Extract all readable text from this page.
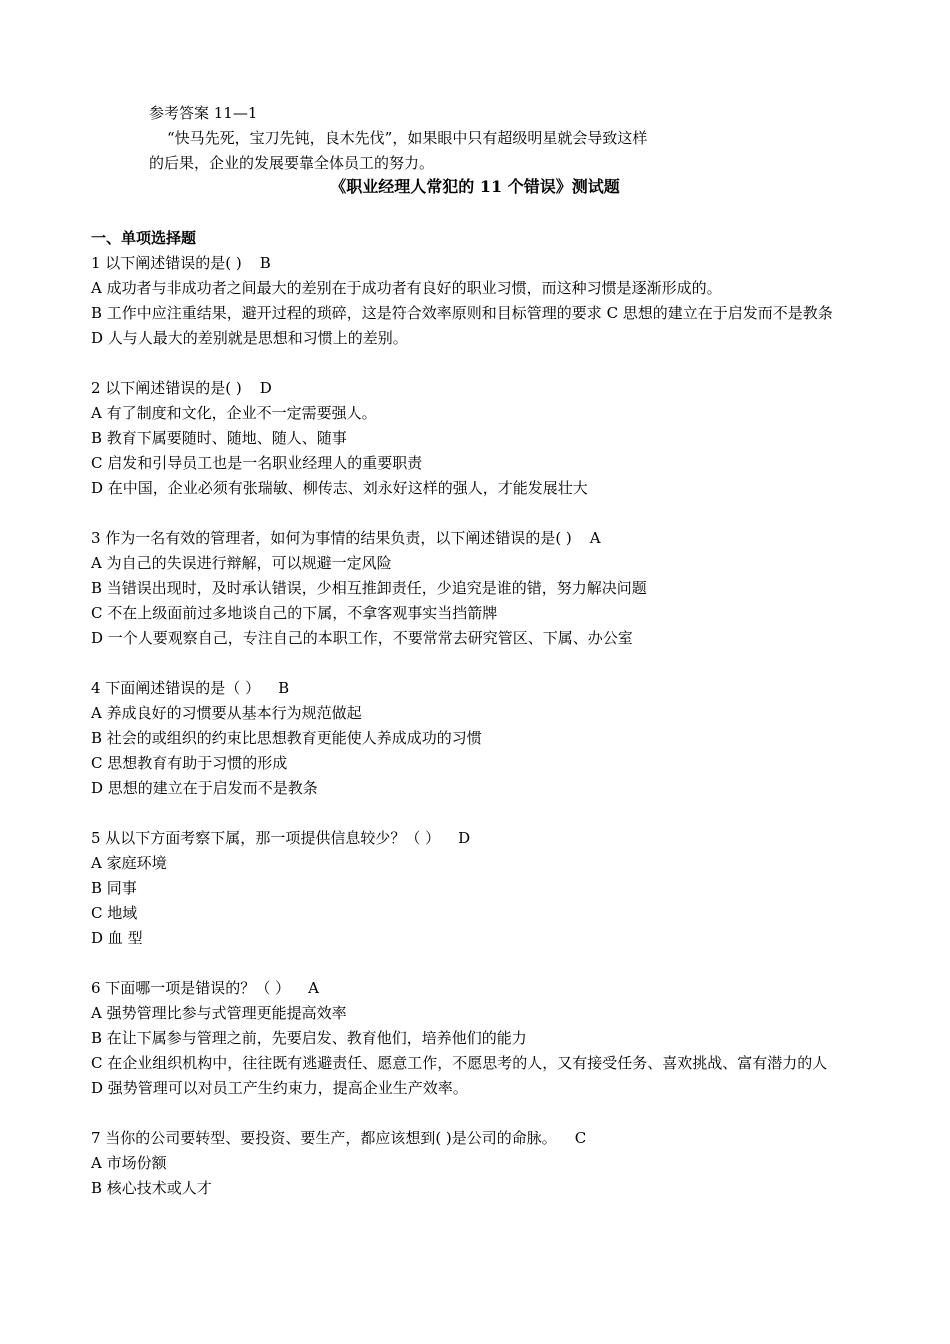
参考答案 11—1
“快马先死，宝刀先钝，良木先伐”，如果眼中只有超级明星就会导致这样
的后果，企业的发展要靠全体员工的努力。
《职业经理人常犯的 11 个错误》测试题
一、单项选择题
1 以下阐述错误的是( ) B
A 成功者与非成功者之间最大的差别在于成功者有良好的职业习惯，而这种习惯是逐渐形成的。
B 工作中应注重结果，避开过程的琐碎，这是符合效率原则和目标管理的要求 C 思想的建立在于启发而不是教条
D 人与人最大的差别就是思想和习惯上的差别。
2 以下阐述错误的是( ) D
A 有了制度和文化，企业不一定需要强人。
B 教育下属要随时、随地、随人、随事
C 启发和引导员工也是一名职业经理人的重要职责
D 在中国，企业必须有张瑞敏、柳传志、刘永好这样的强人，才能发展壮大
3 作为一名有效的管理者，如何为事情的结果负责，以下阐述错误的是( ) A
A 为自己的失误进行辩解，可以规避一定风险
B 当错误出现时，及时承认错误，少相互推卸责任，少追究是谁的错，努力解决问题
C 不在上级面前过多地谈自己的下属，不拿客观事实当挡箭牌
D 一个人要观察自己，专注自己的本职工作，不要常常去研究管区、下属、办公室
4 下面阐述错误的是（ ） B
A 养成良好的习惯要从基本行为规范做起
B 社会的或组织的约束比思想教育更能使人养成成功的习惯
C 思想教育有助于习惯的形成
D 思想的建立在于启发而不是教条
5 从以下方面考察下属，那一项提供信息较少？（ ） D
A 家庭环境
B 同事
C 地域
D 血 型
6 下面哪一项是错误的？（ ） A
A 强势管理比参与式管理更能提高效率
B 在让下属参与管理之前，先要启发、教育他们，培养他们的能力
C 在企业组织机构中，往往既有逃避责任、愿意工作，不愿思考的人，又有接受任务、喜欢挑战、富有潜力的人
D 强势管理可以对员工产生约束力，提高企业生产效率。
7 当你的公司要转型、要投资、要生产，都应该想到( )是公司的命脉。 C
A 市场份额
B 核心技术或人才
